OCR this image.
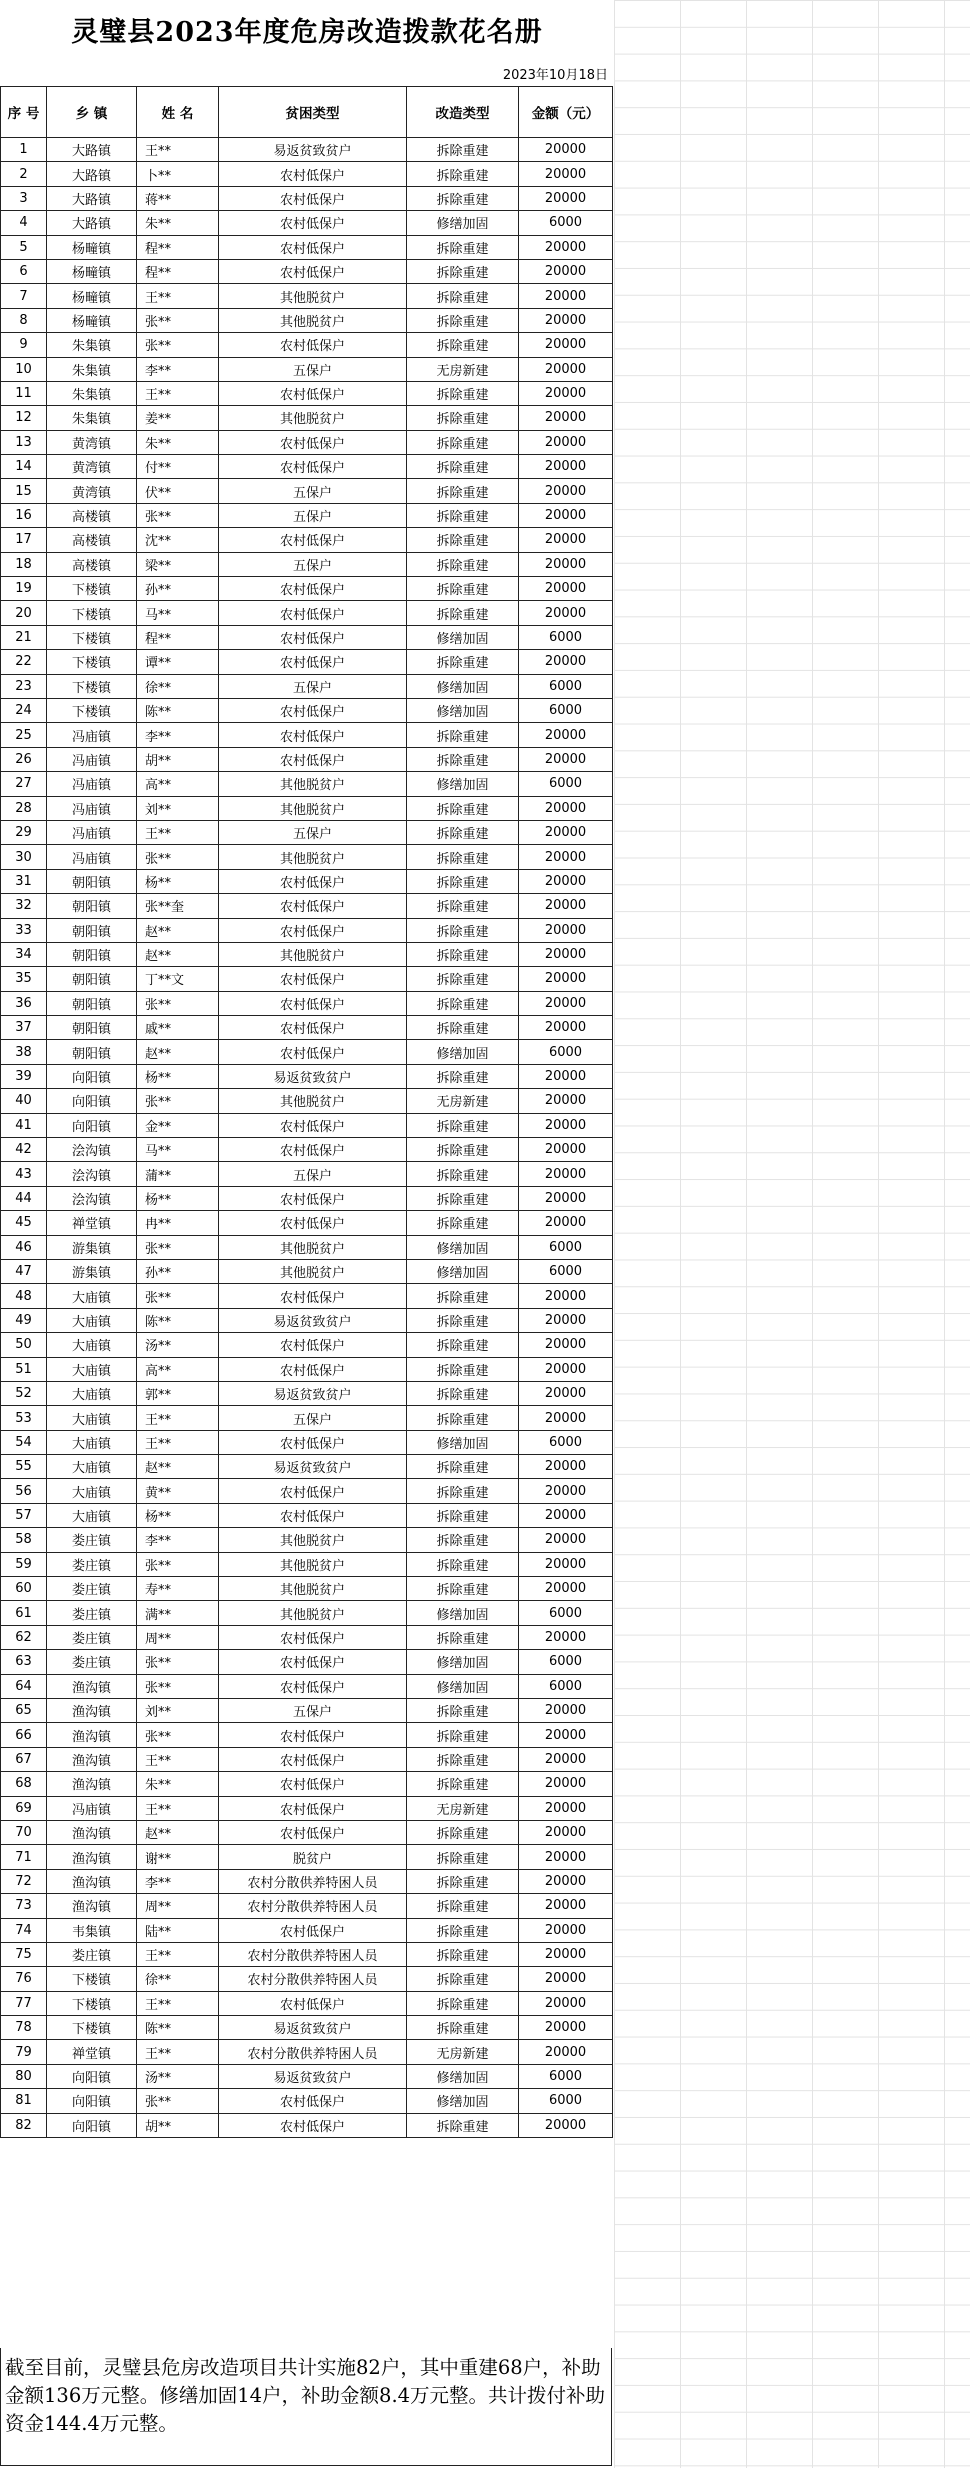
灵璧县2023年度危房改造拨款花名册
2023年10月18日
序 号	乡 镇	姓 名	贫困类型	改造类型	金额（元）
1	大路镇	王**	易返贫致贫户	拆除重建	20000
2	大路镇	卜**	农村低保户	拆除重建	20000
3	大路镇	蒋**	农村低保户	拆除重建	20000
4	大路镇	朱**	农村低保户	修缮加固	6000
5	杨疃镇	程**	农村低保户	拆除重建	20000
6	杨疃镇	程**	农村低保户	拆除重建	20000
7	杨疃镇	王**	其他脱贫户	拆除重建	20000
8	杨疃镇	张**	其他脱贫户	拆除重建	20000
9	朱集镇	张**	农村低保户	拆除重建	20000
10	朱集镇	李**	五保户	无房新建	20000
11	朱集镇	王**	农村低保户	拆除重建	20000
12	朱集镇	姜**	其他脱贫户	拆除重建	20000
13	黄湾镇	朱**	农村低保户	拆除重建	20000
14	黄湾镇	付**	农村低保户	拆除重建	20000
15	黄湾镇	伏**	五保户	拆除重建	20000
16	高楼镇	张**	五保户	拆除重建	20000
17	高楼镇	沈**	农村低保户	拆除重建	20000
18	高楼镇	梁**	五保户	拆除重建	20000
19	下楼镇	孙**	农村低保户	拆除重建	20000
20	下楼镇	马**	农村低保户	拆除重建	20000
21	下楼镇	程**	农村低保户	修缮加固	6000
22	下楼镇	谭**	农村低保户	拆除重建	20000
23	下楼镇	徐**	五保户	修缮加固	6000
24	下楼镇	陈**	农村低保户	修缮加固	6000
25	冯庙镇	李**	农村低保户	拆除重建	20000
26	冯庙镇	胡**	农村低保户	拆除重建	20000
27	冯庙镇	高**	其他脱贫户	修缮加固	6000
28	冯庙镇	刘**	其他脱贫户	拆除重建	20000
29	冯庙镇	王**	五保户	拆除重建	20000
30	冯庙镇	张**	其他脱贫户	拆除重建	20000
31	朝阳镇	杨**	农村低保户	拆除重建	20000
32	朝阳镇	张**奎	农村低保户	拆除重建	20000
33	朝阳镇	赵**	农村低保户	拆除重建	20000
34	朝阳镇	赵**	其他脱贫户	拆除重建	20000
35	朝阳镇	丁**文	农村低保户	拆除重建	20000
36	朝阳镇	张**	农村低保户	拆除重建	20000
37	朝阳镇	戚**	农村低保户	拆除重建	20000
38	朝阳镇	赵**	农村低保户	修缮加固	6000
39	向阳镇	杨**	易返贫致贫户	拆除重建	20000
40	向阳镇	张**	其他脱贫户	无房新建	20000
41	向阳镇	金**	农村低保户	拆除重建	20000
42	浍沟镇	马**	农村低保户	拆除重建	20000
43	浍沟镇	蒲**	五保户	拆除重建	20000
44	浍沟镇	杨**	农村低保户	拆除重建	20000
45	禅堂镇	冉**	农村低保户	拆除重建	20000
46	游集镇	张**	其他脱贫户	修缮加固	6000
47	游集镇	孙**	其他脱贫户	修缮加固	6000
48	大庙镇	张**	农村低保户	拆除重建	20000
49	大庙镇	陈**	易返贫致贫户	拆除重建	20000
50	大庙镇	汤**	农村低保户	拆除重建	20000
51	大庙镇	高**	农村低保户	拆除重建	20000
52	大庙镇	郭**	易返贫致贫户	拆除重建	20000
53	大庙镇	王**	五保户	拆除重建	20000
54	大庙镇	王**	农村低保户	修缮加固	6000
55	大庙镇	赵**	易返贫致贫户	拆除重建	20000
56	大庙镇	黄**	农村低保户	拆除重建	20000
57	大庙镇	杨**	农村低保户	拆除重建	20000
58	娄庄镇	李**	其他脱贫户	拆除重建	20000
59	娄庄镇	张**	其他脱贫户	拆除重建	20000
60	娄庄镇	寿**	其他脱贫户	拆除重建	20000
61	娄庄镇	满**	其他脱贫户	修缮加固	6000
62	娄庄镇	周**	农村低保户	拆除重建	20000
63	娄庄镇	张**	农村低保户	修缮加固	6000
64	渔沟镇	张**	农村低保户	修缮加固	6000
65	渔沟镇	刘**	五保户	拆除重建	20000
66	渔沟镇	张**	农村低保户	拆除重建	20000
67	渔沟镇	王**	农村低保户	拆除重建	20000
68	渔沟镇	朱**	农村低保户	拆除重建	20000
69	冯庙镇	王**	农村低保户	无房新建	20000
70	渔沟镇	赵**	农村低保户	拆除重建	20000
71	渔沟镇	谢**	脱贫户	拆除重建	20000
72	渔沟镇	李**	农村分散供养特困人员	拆除重建	20000
73	渔沟镇	周**	农村分散供养特困人员	拆除重建	20000
74	韦集镇	陆**	农村低保户	拆除重建	20000
75	娄庄镇	王**	农村分散供养特困人员	拆除重建	20000
76	下楼镇	徐**	农村分散供养特困人员	拆除重建	20000
77	下楼镇	王**	农村低保户	拆除重建	20000
78	下楼镇	陈**	易返贫致贫户	拆除重建	20000
79	禅堂镇	王**	农村分散供养特困人员	无房新建	20000
80	向阳镇	汤**	易返贫致贫户	修缮加固	6000
81	向阳镇	张**	农村低保户	修缮加固	6000
82	向阳镇	胡**	农村低保户	拆除重建	20000
截至目前，灵璧县危房改造项目共计实施82户，其中重建68户，补助金额136万元整。修缮加固14户，补助金额8.4万元整。共计拨付补助资金144.4万元整。
